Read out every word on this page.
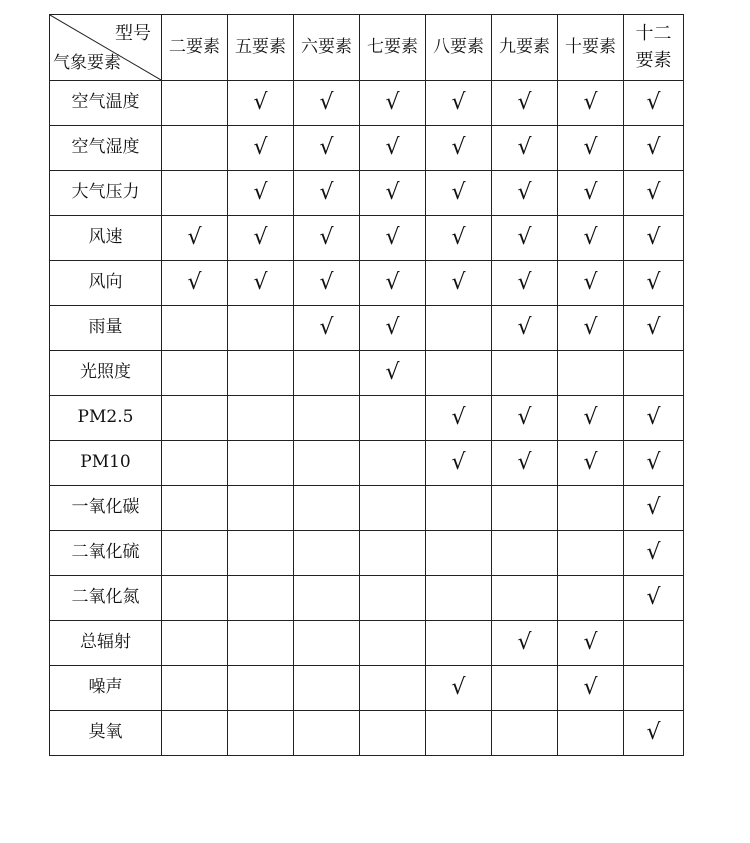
型号
气象要素	二要素	五要素	六要素	七要素	八要素	九要素	十要素	十二要素

空气温度		√	√	√	√	√	√	√
空气湿度		√	√	√	√	√	√	√
大气压力		√	√	√	√	√	√	√
风速	√	√	√	√	√	√	√	√
风向	√	√	√	√	√	√	√	√
雨量			√	√		√	√	√
光照度				√				
PM2.5					√	√	√	√
PM10					√	√	√	√
一氧化碳								√
二氧化硫								√
二氧化氮								√
总辐射						√	√	
噪声					√		√	
臭氧								√
